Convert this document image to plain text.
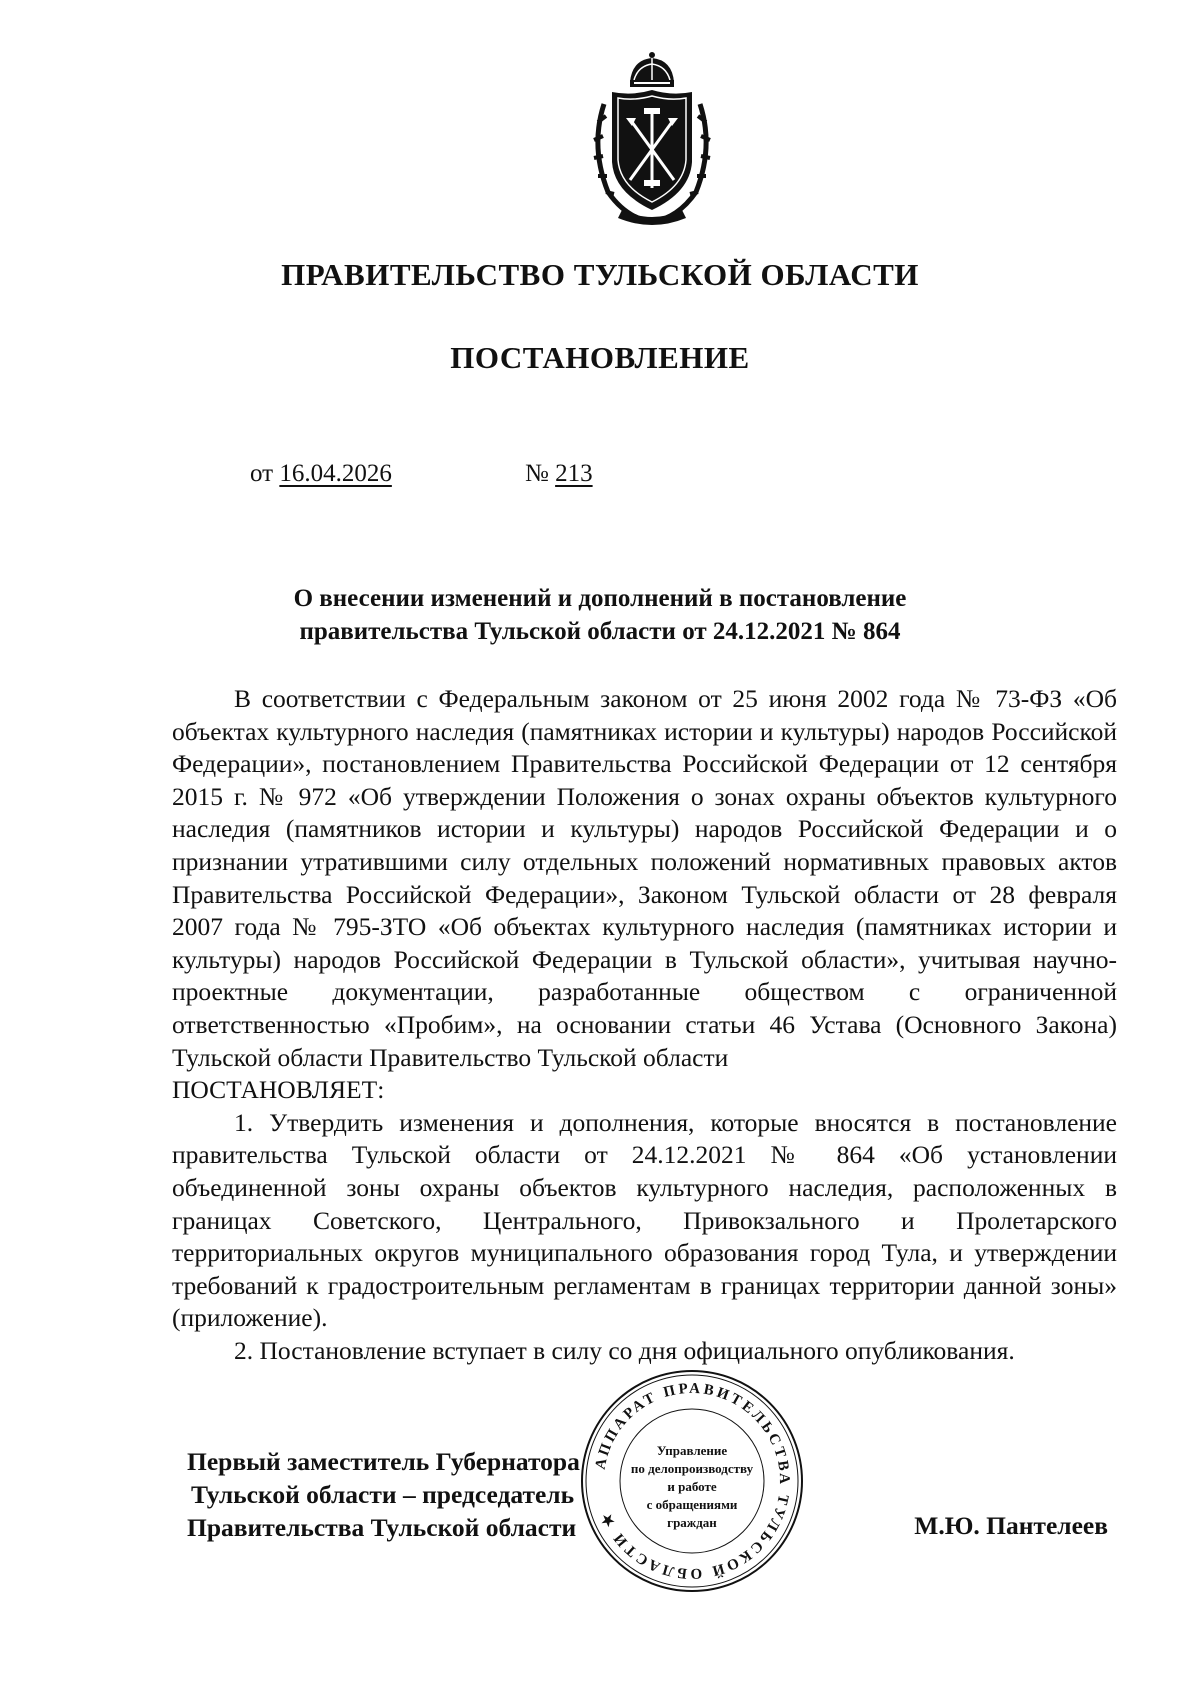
ПРАВИТЕЛЬСТВО ТУЛЬСКОЙ ОБЛАСТИ
ПОСТАНОВЛЕНИЕ
от 16.04.2026	№ 213
О внесении изменений и дополнений в постановление
правительства Тульской области от 24.12.2021 № 864

В соответствии с Федеральным законом от 25 июня 2002 года № 73-ФЗ «Об объектах культурного наследия (памятниках истории и культуры) народов Российской Федерации», постановлением Правительства Российской Федерации от 12 сентября 2015 г. № 972 «Об утверждении Положения о зонах охраны объектов культурного наследия (памятников истории и культуры) народов Российской Федерации и о признании утратившими силу отдельных положений нормативных правовых актов Правительства Российской Федерации», Законом Тульской области от 28 февраля 2007 года № 795-ЗТО «Об объектах культурного наследия (памятниках истории и культуры) народов Российской Федерации в Тульской области», учитывая научно-проектные документации, разработанные обществом с ограниченной ответственностью «Пробим», на основании статьи 46 Устава (Основного Закона) Тульской области Правительство Тульской области

ПОСТАНОВЛЯЕТ:

1. Утвердить изменения и дополнения, которые вносятся в постановление правительства Тульской области от 24.12.2021 № 864 «Об установлении объединенной зоны охраны объектов культурного наследия, расположенных в границах Советского, Центрального, Привокзального и Пролетарского территориальных округов муниципального образования город Тула, и утверждении требований к градостроительным регламентам в границах территории данной зоны» (приложение).

2. Постановление вступает в силу со дня официального опубликования.

Первый заместитель Губернатора
Тульской области – председатель
Правительства Тульской области	М.Ю. Пантелеев
АППАРАТ ПРАВИТЕЛЬСТВА ТУЛЬСКОЙ ОБЛАСТИ ★
Управление
по делопроизводству
и работе
с обращениями
граждан
